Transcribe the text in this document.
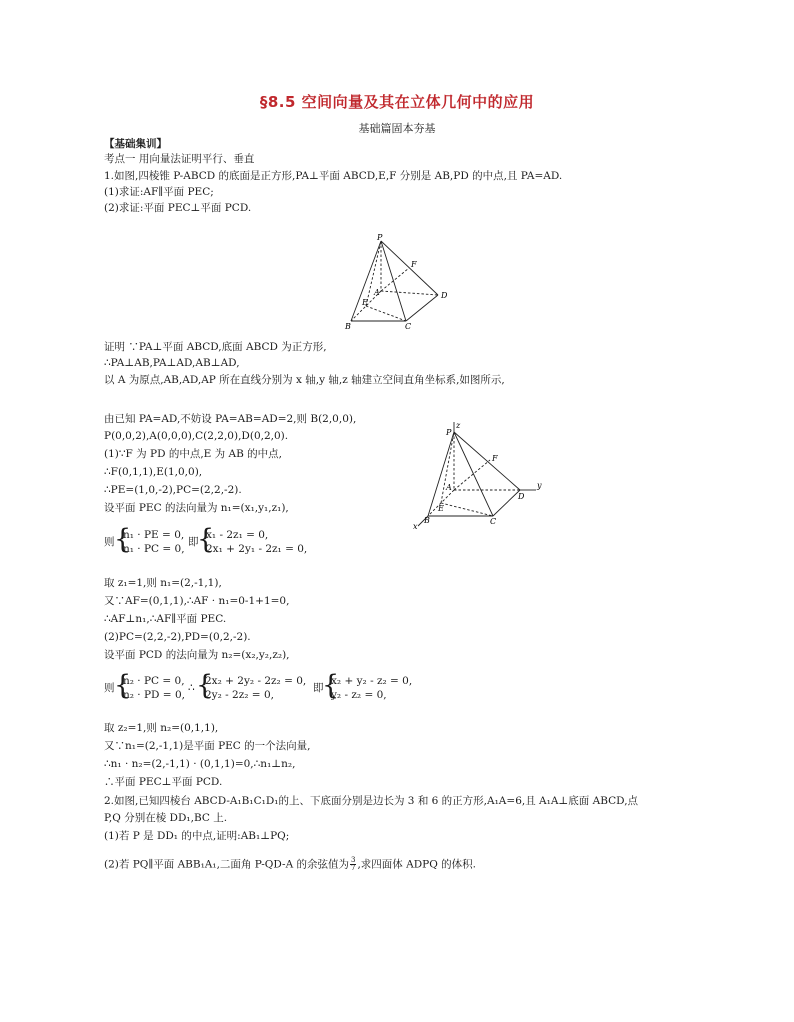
§8.5 空间向量及其在立体几何中的应用
基础篇固本夯基
【基础集训】
考点一 用向量法证明平行、垂直
1.如图,四棱锥 P-ABCD 的底面是正方形,PA⊥平面 ABCD,E,F 分别是 AB,PD 的中点,且 PA=AD.
(1)求证:AF∥平面 PEC;
(2)求证:平面 PEC⊥平面 PCD.
P
F
E
A	D
B	C
证明 ∵PA⊥平面 ABCD,底面 ABCD 为正方形,
∴PA⊥AB,PA⊥AD,AB⊥AD,
以 A 为原点,AB,AD,AP 所在直线分别为 x 轴,y 轴,z 轴建立空间直角坐标系,如图所示,
由已知 PA=AD,不妨设 PA=AB=AD=2,则 B(2,0,0),
P(0,0,2),A(0,0,0),C(2,2,0),D(0,2,0).
(1)∵F 为 PD 的中点,E 为 AB 的中点,
∴F(0,1,1),E(1,0,0),
∴PE=(1,0,-2),PC=(2,2,-2).
设平面 PEC 的法向量为 n₁=(x₁,y₁,z₁),
z
P
F
A	y
D
E
B	C
x
则 {
n₁ · PE = 0,
n₁ · PC = 0,
即
{
x₁ - 2z₁ = 0,
2x₁ + 2y₁ - 2z₁ = 0,
取 z₁=1,则 n₁=(2,-1,1),
又∵AF=(0,1,1),∴AF · n₁=0-1+1=0,
∴AF⊥n₁,∴AF∥平面 PEC.
(2)PC=(2,2,-2),PD=(0,2,-2).
设平面 PCD 的法向量为 n₂=(x₂,y₂,z₂),
则 {
n₂ · PC = 0,
n₂ · PD = 0,
∴ {
2x₂ + 2y₂ - 2z₂ = 0,
2y₂ - 2z₂ = 0,
即
{
x₂ + y₂ - z₂ = 0,
y₂ - z₂ = 0,
取 z₂=1,则 n₂=(0,1,1),
又∵n₁=(2,-1,1)是平面 PEC 的一个法向量,
∴n₁ · n₂=(2,-1,1) · (0,1,1)=0,∴n₁⊥n₂,
∴平面 PEC⊥平面 PCD.
2.如图,已知四棱台 ABCD-A₁B₁C₁D₁的上、下底面分别是边长为 3 和 6 的正方形,A₁A=6,且 A₁A⊥底面 ABCD,点
P,Q 分别在棱 DD₁,BC 上.
(1)若 P 是 DD₁ 的中点,证明:AB₁⊥PQ;
(2)若 PQ∥平面 ABB₁A₁,二面角 P-QD-A 的余弦值为 $\frac{3}{7}$ ,求四面体 ADPQ 的体积.
